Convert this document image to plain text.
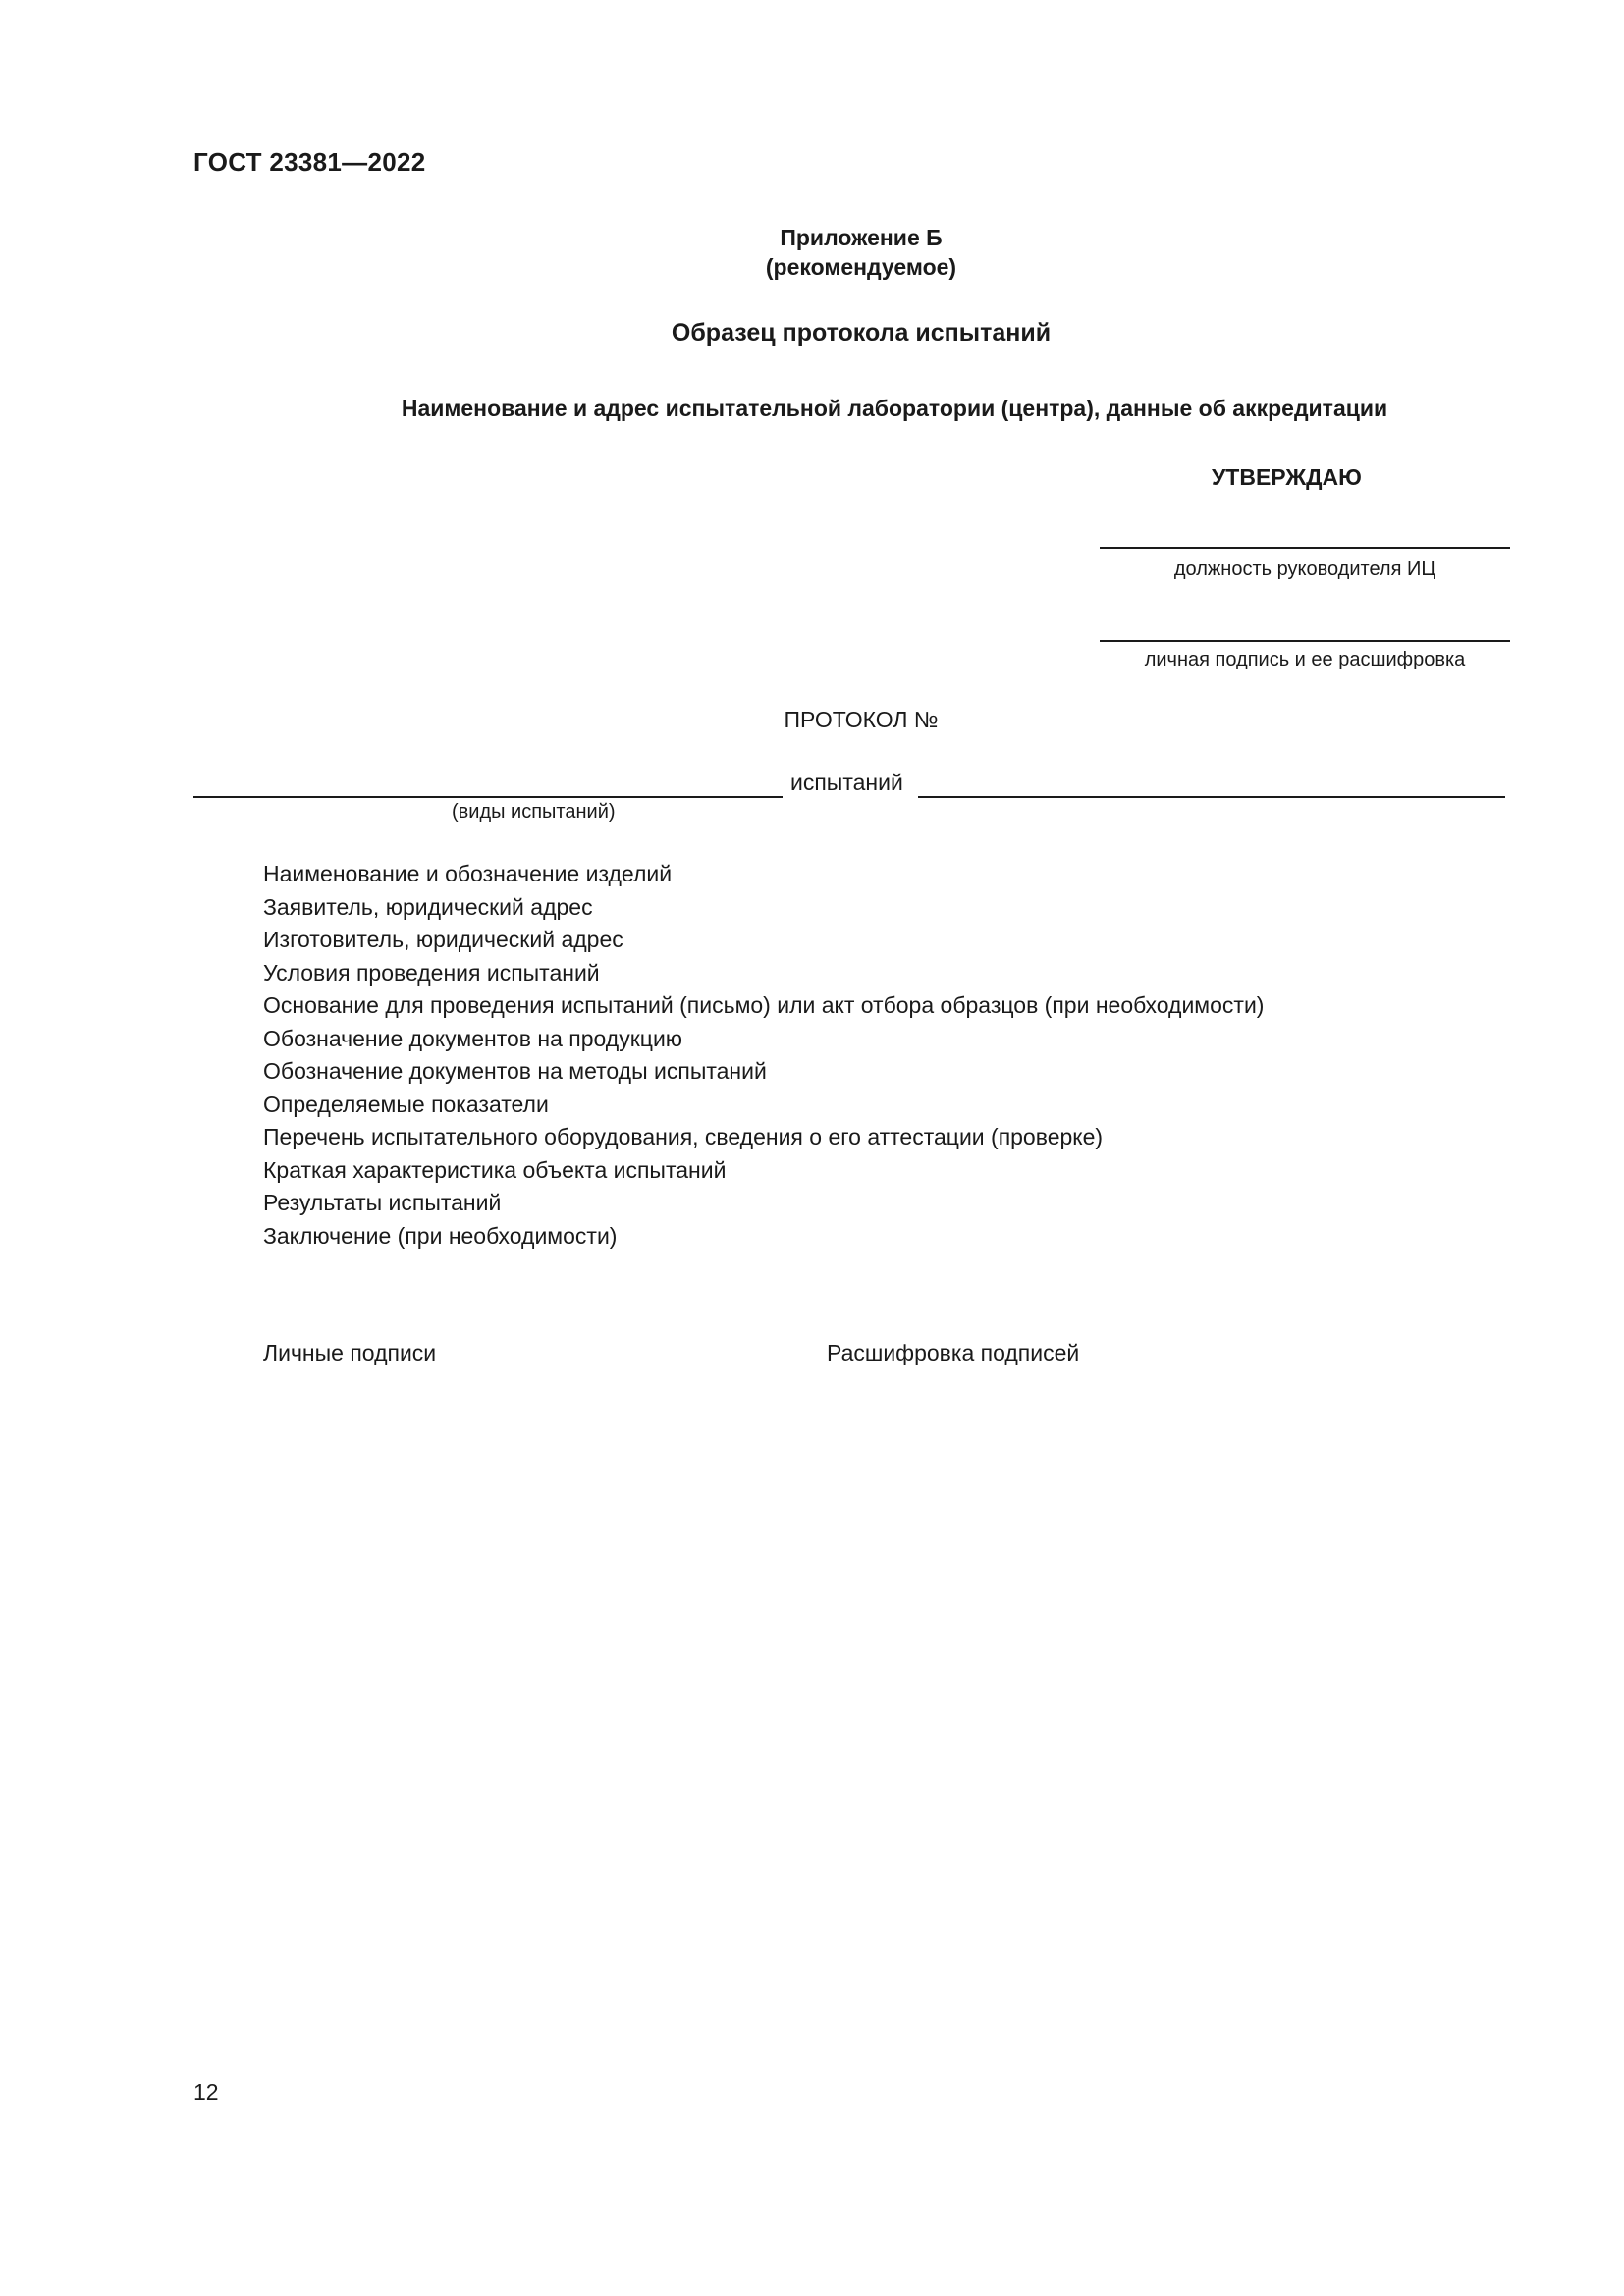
ГОСТ 23381—2022
Приложение Б
(рекомендуемое)
Образец протокола испытаний
Наименование и адрес испытательной лаборатории (центра), данные об аккредитации
УТВЕРЖДАЮ
должность руководителя ИЦ
личная подпись и ее расшифровка
ПРОТОКОЛ №
испытаний
(виды испытаний)
Наименование и обозначение изделий
Заявитель, юридический адрес
Изготовитель, юридический адрес
Условия проведения испытаний
Основание для проведения испытаний (письмо) или акт отбора образцов (при необходимости)
Обозначение документов на продукцию
Обозначение документов на методы испытаний
Определяемые показатели
Перечень испытательного оборудования, сведения о его аттестации (проверке)
Краткая характеристика объекта испытаний
Результаты испытаний
Заключение (при необходимости)
Личные подписи	Расшифровка подписей
12
